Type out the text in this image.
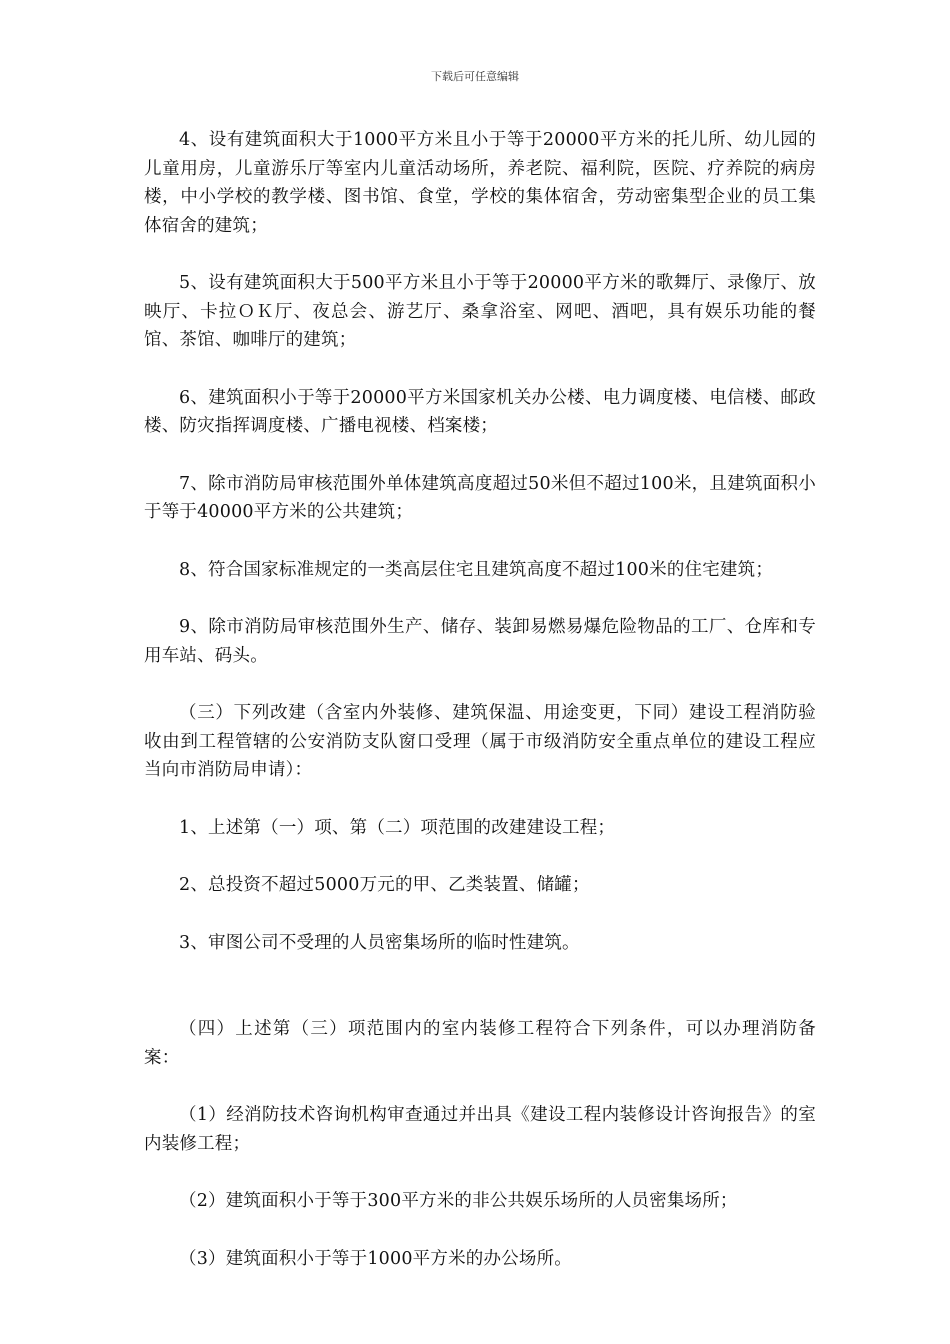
下载后可任意编辑

4、设有建筑面积大于1000平方米且小于等于20000平方米的托儿所、幼儿园的儿童用房，儿童游乐厅等室内儿童活动场所，养老院、福利院，医院、疗养院的病房楼，中小学校的教学楼、图书馆、食堂，学校的集体宿舍，劳动密集型企业的员工集体宿舍的建筑；

5、设有建筑面积大于500平方米且小于等于20000平方米的歌舞厅、录像厅、放映厅、卡拉ＯＫ厅、夜总会、游艺厅、桑拿浴室、网吧、酒吧，具有娱乐功能的餐馆、茶馆、咖啡厅的建筑；

6、建筑面积小于等于20000平方米国家机关办公楼、电力调度楼、电信楼、邮政楼、防灾指挥调度楼、广播电视楼、档案楼；

7、除市消防局审核范围外单体建筑高度超过50米但不超过100米，且建筑面积小于等于40000平方米的公共建筑；

8、符合国家标准规定的一类高层住宅且建筑高度不超过100米的住宅建筑；

9、除市消防局审核范围外生产、储存、装卸易燃易爆危险物品的工厂、仓库和专用车站、码头。

（三）下列改建（含室内外装修、建筑保温、用途变更，下同）建设工程消防验收由到工程管辖的公安消防支队窗口受理（属于市级消防安全重点单位的建设工程应当向市消防局申请）：

1、上述第（一）项、第（二）项范围的改建建设工程；

2、总投资不超过5000万元的甲、乙类装置、储罐；

3、审图公司不受理的人员密集场所的临时性建筑。

（四）上述第（三）项范围内的室内装修工程符合下列条件，可以办理消防备案：

（1）经消防技术咨询机构审查通过并出具《建设工程内装修设计咨询报告》的室内装修工程；

（2）建筑面积小于等于300平方米的非公共娱乐场所的人员密集场所；

（3）建筑面积小于等于1000平方米的办公场所。
